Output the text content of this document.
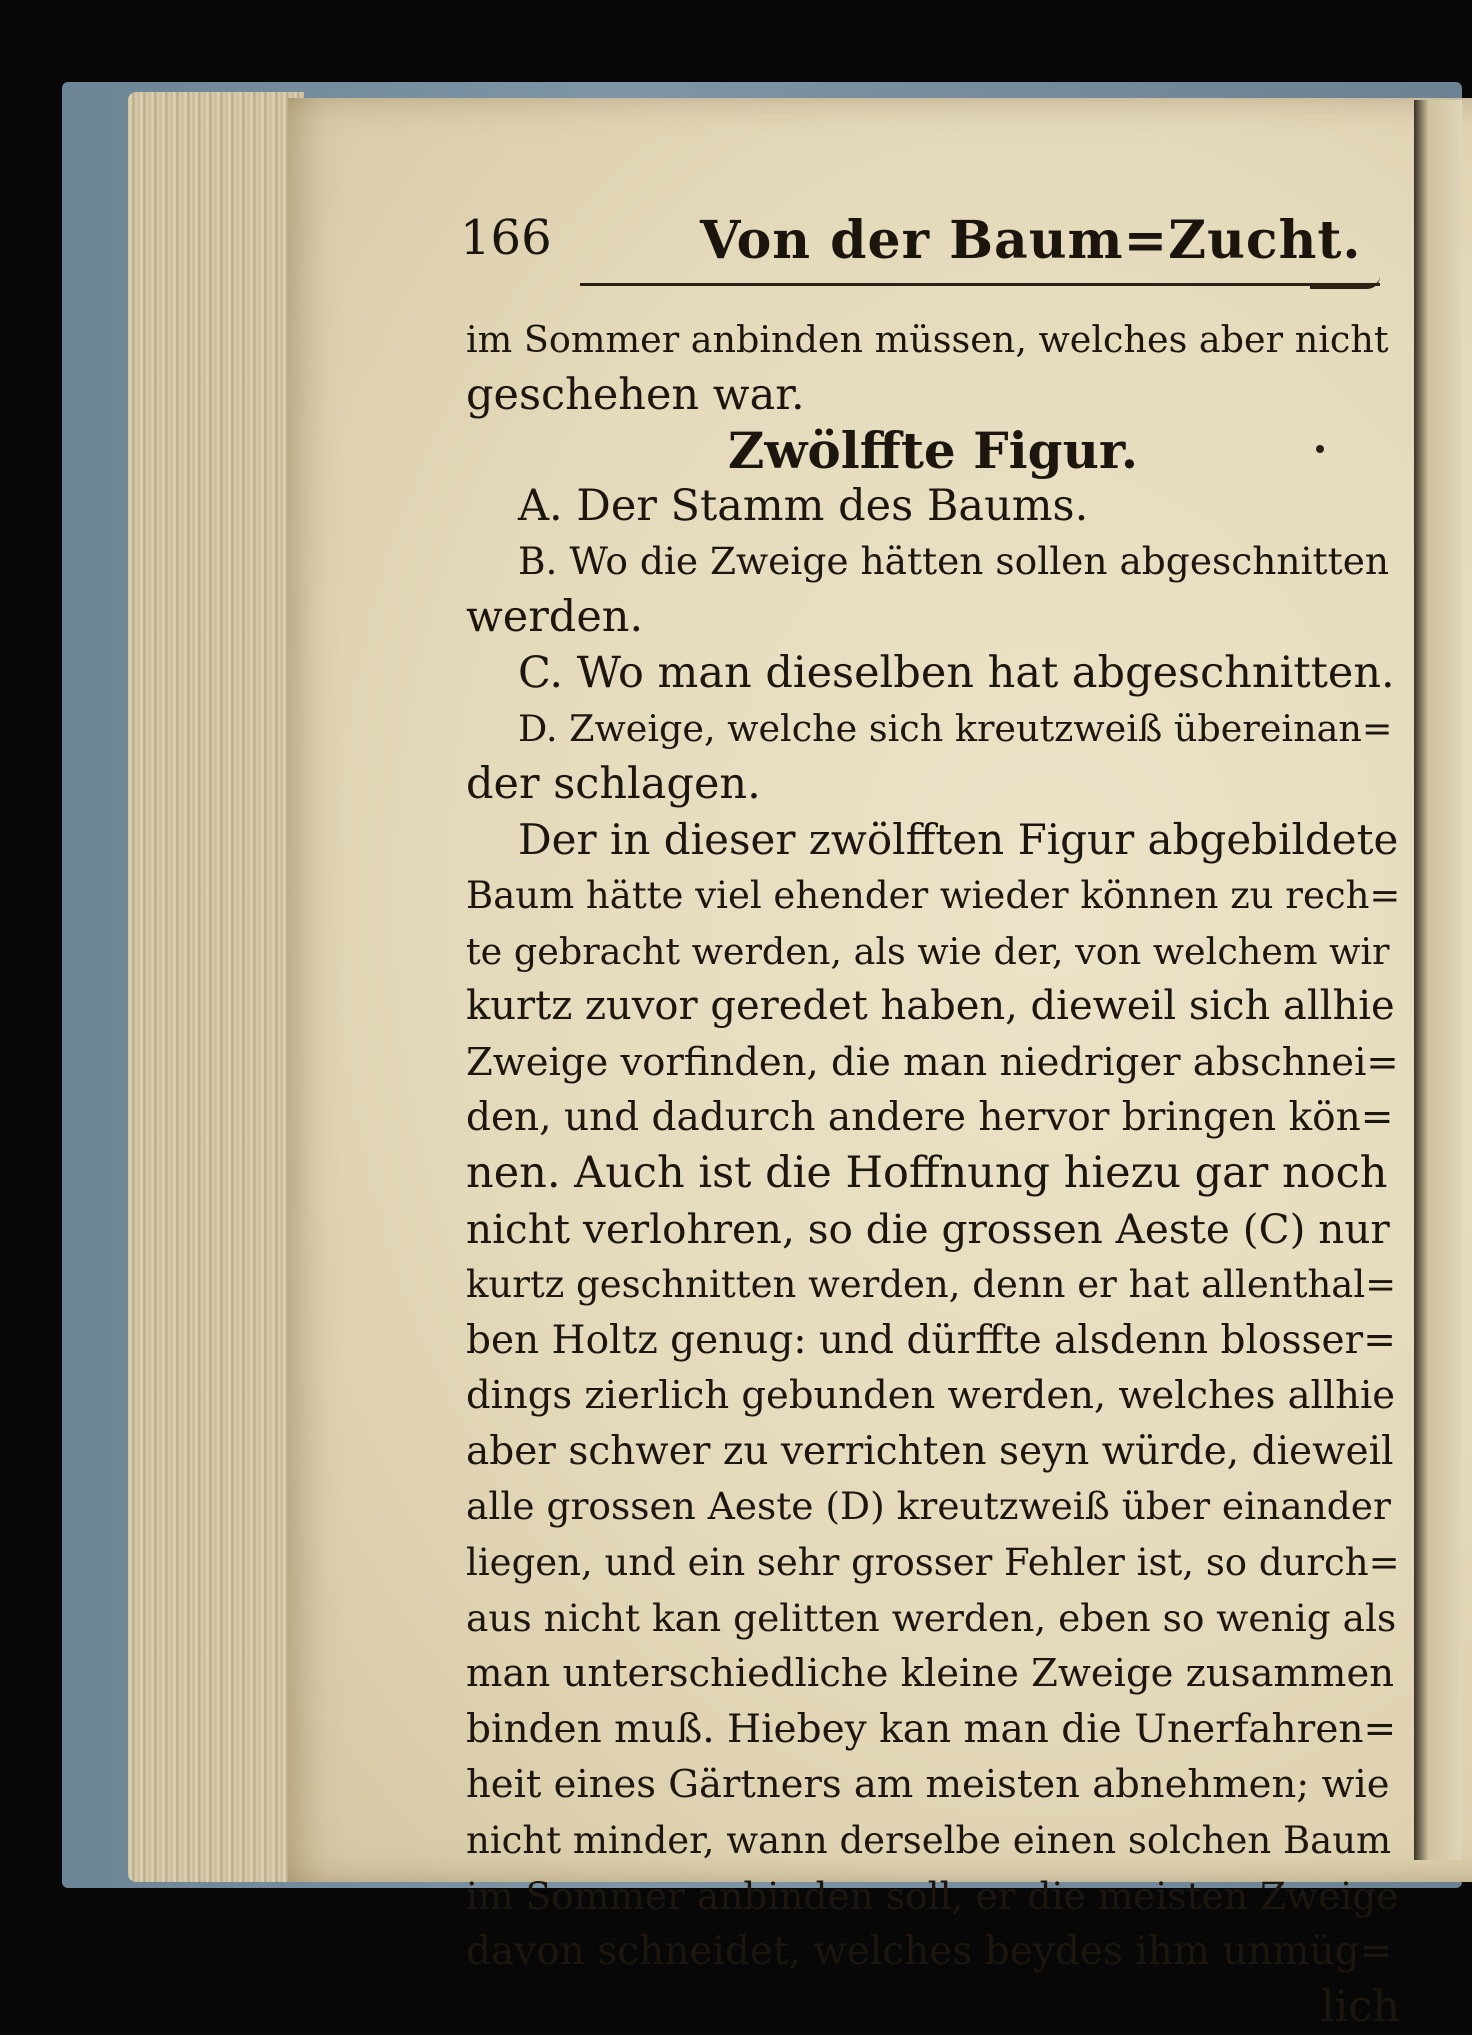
166	Von der Baum=Zucht.
im Sommer anbinden müssen, welches aber nicht
geschehen war.
Zwölffte Figur.
A. Der Stamm des Baums.
B. Wo die Zweige hätten sollen abgeschnitten
werden.
C. Wo man dieselben hat abgeschnitten.
D. Zweige, welche sich kreutzweiß übereinan=
der schlagen.
Der in dieser zwölfften Figur abgebildete
Baum hätte viel ehender wieder können zu rech=
te gebracht werden, als wie der, von welchem wir
kurtz zuvor geredet haben, dieweil sich allhie
Zweige vorfinden, die man niedriger abschnei=
den, und dadurch andere hervor bringen kön=
nen. Auch ist die Hoffnung hiezu gar noch
nicht verlohren, so die grossen Aeste (C) nur
kurtz geschnitten werden, denn er hat allenthal=
ben Holtz genug: und dürffte alsdenn blosser=
dings zierlich gebunden werden, welches allhie
aber schwer zu verrichten seyn würde, dieweil
alle grossen Aeste (D) kreutzweiß über einander
liegen, und ein sehr grosser Fehler ist, so durch=
aus nicht kan gelitten werden, eben so wenig als
man unterschiedliche kleine Zweige zusammen
binden muß. Hiebey kan man die Unerfahren=
heit eines Gärtners am meisten abnehmen; wie
nicht minder, wann derselbe einen solchen Baum
im Sommer anbinden soll, er die meisten Zweige
davon schneidet, welches beydes ihm unmüg=
lich
